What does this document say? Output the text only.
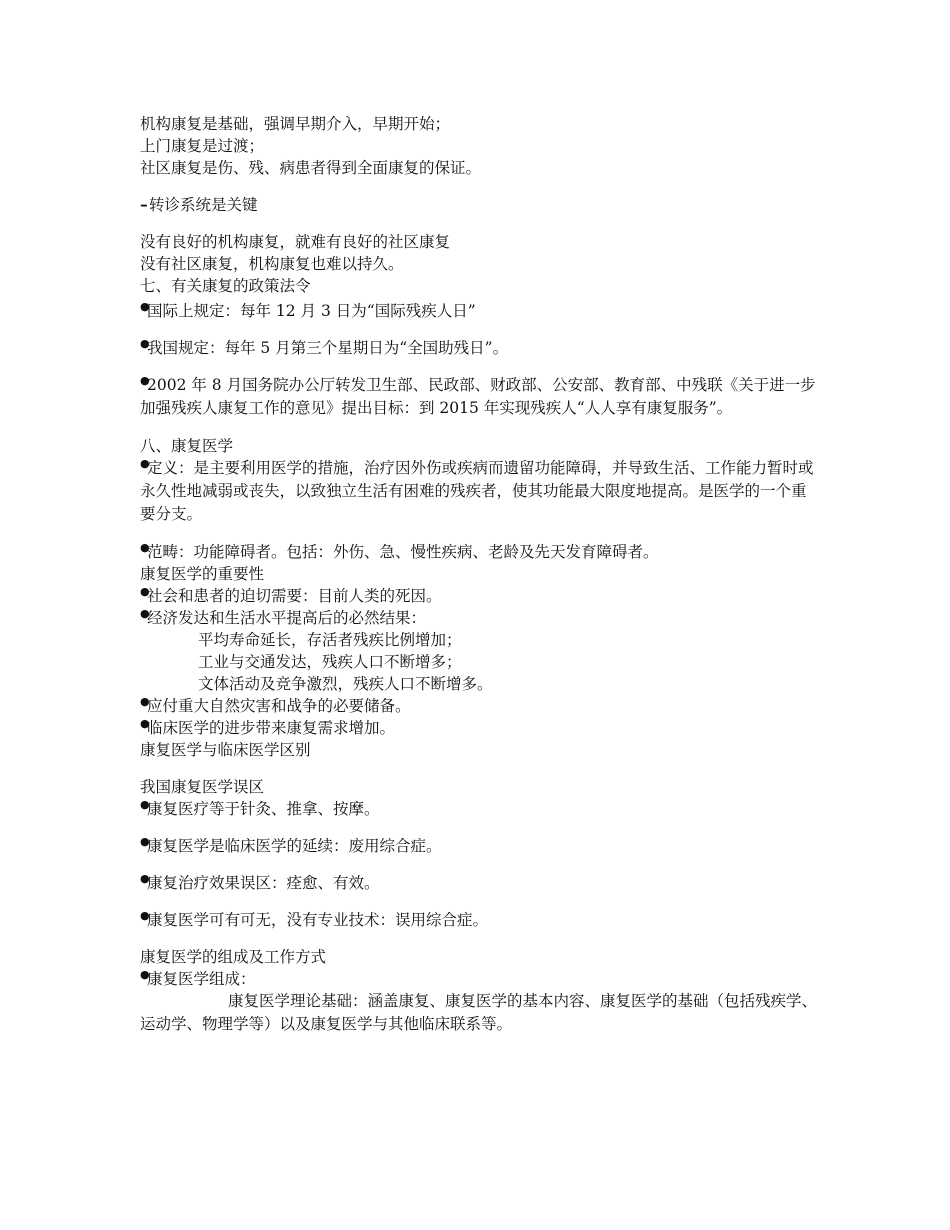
机构康复是基础，强调早期介入，早期开始；
上门康复是过渡；
社区康复是伤、残、病患者得到全面康复的保证。
–转诊系统是关键
没有良好的机构康复，就难有良好的社区康复
没有社区康复，机构康复也难以持久。
七、有关康复的政策法令
●国际上规定：每年 12 月 3 日为“国际残疾人日”
●我国规定：每年 5 月第三个星期日为“全国助残日”。
●2002 年 8 月国务院办公厅转发卫生部、民政部、财政部、公安部、教育部、中残联《关于进一步加强残疾人康复工作的意见》提出目标：到 2015 年实现残疾人“人人享有康复服务”。
八、康复医学
●定义：是主要利用医学的措施，治疗因外伤或疾病而遗留功能障碍，并导致生活、工作能力暂时或永久性地减弱或丧失，以致独立生活有困难的残疾者，使其功能最大限度地提高。是医学的一个重要分支。
●范畴：功能障碍者。包括：外伤、急、慢性疾病、老龄及先天发育障碍者。
康复医学的重要性
●社会和患者的迫切需要：目前人类的死因。
●经济发达和生活水平提高后的必然结果：
平均寿命延长，存活者残疾比例增加；
工业与交通发达，残疾人口不断增多；
文体活动及竞争激烈，残疾人口不断增多。
●应付重大自然灾害和战争的必要储备。
●临床医学的进步带来康复需求增加。
康复医学与临床医学区别
我国康复医学误区
●康复医疗等于针灸、推拿、按摩。
●康复医学是临床医学的延续：废用综合症。
●康复治疗效果误区：痊愈、有效。
●康复医学可有可无，没有专业技术：误用综合症。
康复医学的组成及工作方式
●康复医学组成：
康复医学理论基础：涵盖康复、康复医学的基本内容、康复医学的基础（包括残疾学、运动学、物理学等）以及康复医学与其他临床联系等。
